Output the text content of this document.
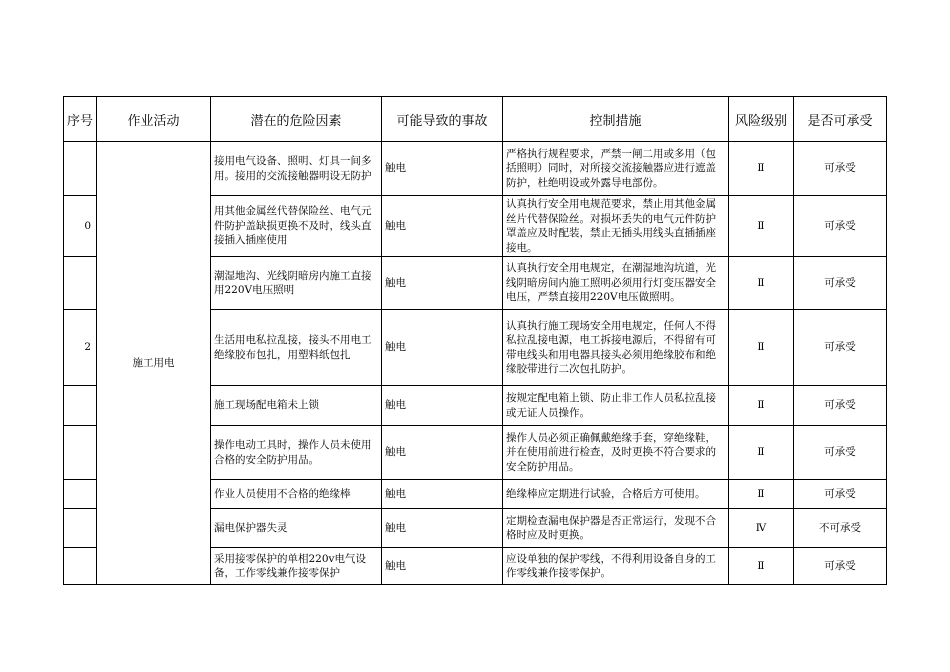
序号	作业活动	潜在的危险因素	可能导致的事故	控制措施	风险级别	是否可承受
	施工用电	接用电气设备、照明、灯具一间多用。接用的交流接触器明设无防护	触电	严格执行规程要求，严禁一闸二用或多用（包括照明）同时，对所接交流接触器应进行遮盖防护，杜绝明设或外露导电部份。	Ⅱ	可承受
0		用其他金属丝代替保险丝、电气元件防护盖缺损更换不及时，线头直接插入插座使用	触电	认真执行安全用电规范要求，禁止用其他金属丝片代替保险丝。对损坏丢失的电气元件防护罩盖应及时配装，禁止无插头用线头直插插座接电。	Ⅱ	可承受
		潮湿地沟、光线阴暗房内施工直接用220V电压照明	触电	认真执行安全用电规定，在潮湿地沟坑道，光线阴暗房间内施工照明必须用行灯变压器安全电压，严禁直接用220V电压做照明。	Ⅱ	可承受
2		生活用电私拉乱接，接头不用电工绝缘胶布包扎，用塑料纸包扎	触电	认真执行施工现场安全用电规定，任何人不得私拉乱接电源，电工拆接电源后，不得留有可带电线头和用电器具接头必须用绝缘胶布和绝缘胶带进行二次包扎防护。	Ⅱ	可承受
		施工现场配电箱未上锁	触电	按规定配电箱上锁、防止非工作人员私拉乱接或无证人员操作。	Ⅱ	可承受
		操作电动工具时，操作人员未使用合格的安全防护用品。	触电	操作人员必须正确佩戴绝缘手套，穿绝缘鞋，并在使用前进行检查，及时更换不符合要求的安全防护用品。	Ⅱ	可承受
		作业人员使用不合格的绝缘棒	触电	绝缘棒应定期进行试验，合格后方可使用。	Ⅱ	可承受
		漏电保护器失灵	触电	定期检查漏电保护器是否正常运行，发现不合格时应及时更换。	Ⅳ	不可承受
		采用接零保护的单相220v电气设备，工作零线兼作接零保护	触电	应设单独的保护零线，不得利用设备自身的工作零线兼作接零保护。	Ⅱ	可承受
